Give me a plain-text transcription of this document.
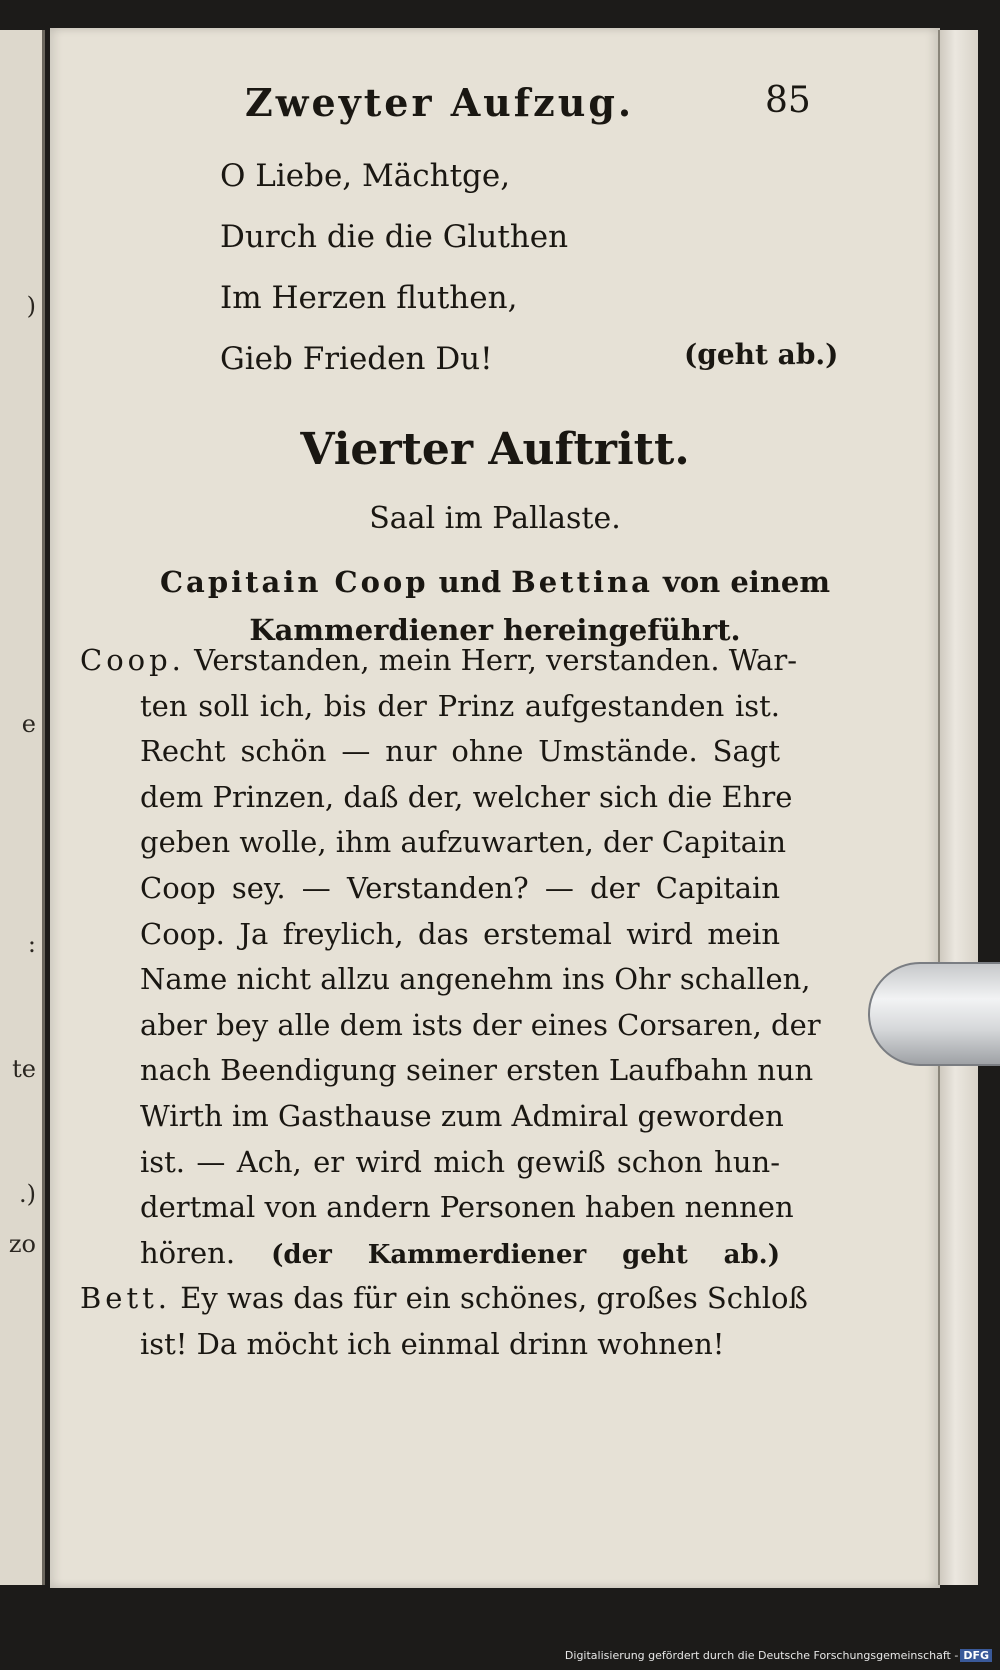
)
e
:
te
.)
zo
Zweyter Aufzug.	85
O Liebe, Mächtge,
Durch die die Gluthen
Im Herzen fluthen,
Gieb Frieden Du!	(geht ab.)
Vierter Auftritt.
Saal im Pallaste.
Capitain Coop und Bettina von einem
Kammerdiener hereingeführt.
Coop. Verstanden, mein Herr, verstanden. War-
ten soll ich, bis der Prinz aufgestanden ist.
Recht schön — nur ohne Umstände. Sagt
dem Prinzen, daß der, welcher sich die Ehre
geben wolle, ihm aufzuwarten, der Capitain
Coop sey. — Verstanden? — der Capitain
Coop. Ja freylich, das erstemal wird mein
Name nicht allzu angenehm ins Ohr schallen,
aber bey alle dem ists der eines Corsaren, der
nach Beendigung seiner ersten Laufbahn nun
Wirth im Gasthause zum Admiral geworden
ist. — Ach, er wird mich gewiß schon hun-
dertmal von andern Personen haben nennen
hören. (der Kammerdiener geht ab.)
Bett. Ey was das für ein schönes, großes Schloß
ist! Da möcht ich einmal drinn wohnen!
Digitalisierung gefördert durch die Deutsche Forschungsgemeinschaft - DFG
